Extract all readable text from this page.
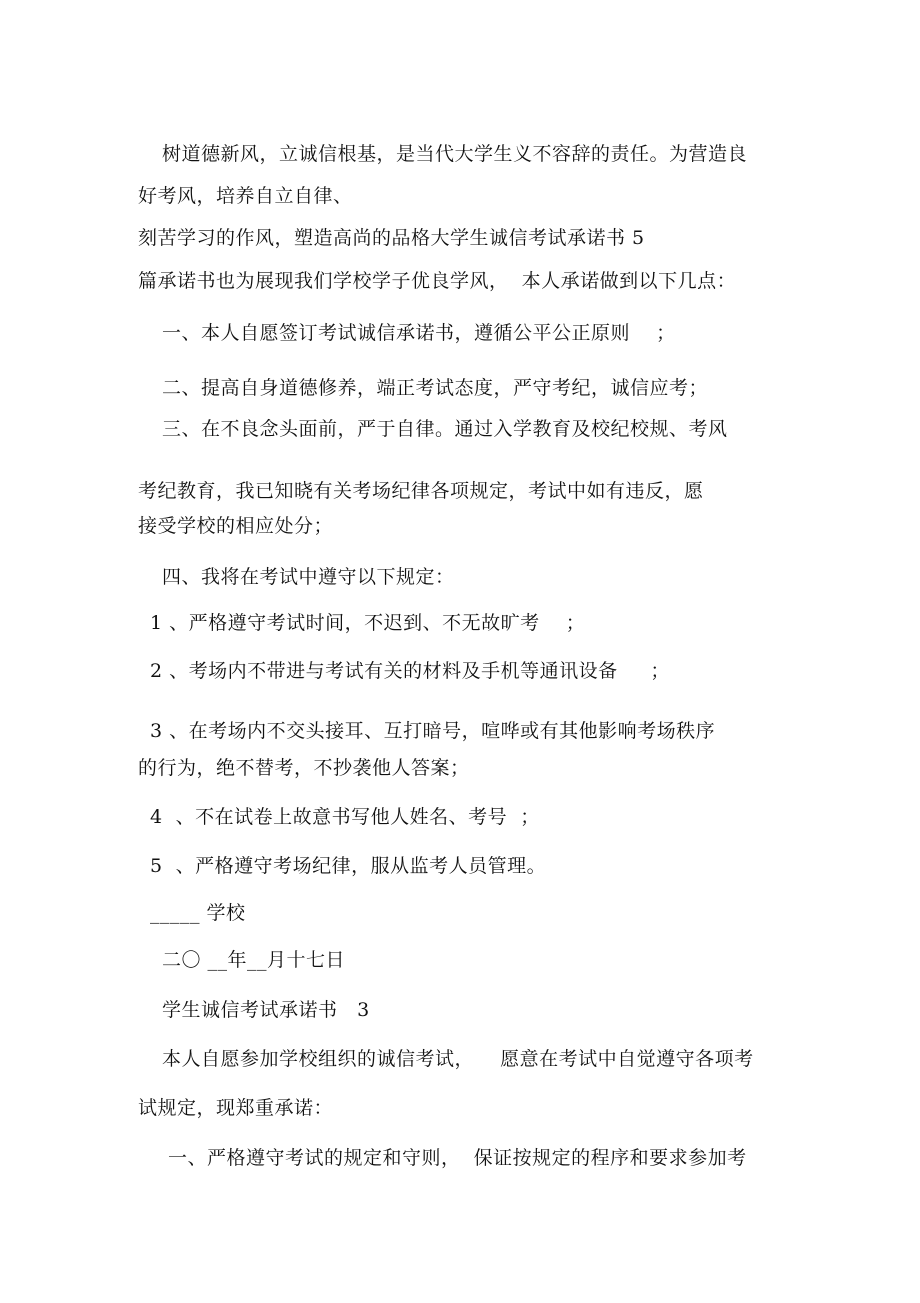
树道德新风，立诚信根基，是当代大学生义不容辞的责任。为营造良
好考风，培养自立自律、
刻苦学习的作风，塑造高尚的品格大学生诚信考试承诺书 5
篇承诺书也为展现我们学校学子优良学风，  本人承诺做到以下几点：
一、本人自愿签订考试诚信承诺书，遵循公平公正原则    ；
二、提高自身道德修养，端正考试态度，严守考纪，诚信应考；
三、在不良念头面前，严于自律。通过入学教育及校纪校规、考风
考纪教育，我已知晓有关考场纪律各项规定，考试中如有违反，愿
接受学校的相应处分；
四、我将在考试中遵守以下规定：
1 、严格遵守考试时间，不迟到、不无故旷考    ；
2 、考场内不带进与考试有关的材料及手机等通讯设备     ；
3 、在考场内不交头接耳、互打暗号，喧哗或有其他影响考场秩序
的行为，绝不替考，不抄袭他人答案；
4  、不在试卷上故意书写他人姓名、考号  ；
5  、严格遵守考场纪律，服从监考人员管理。
_____ 学校
二〇 __年__月十七日
学生诚信考试承诺书   3
本人自愿参加学校组织的诚信考试，    愿意在考试中自觉遵守各项考
试规定，现郑重承诺：
一、严格遵守考试的规定和守则，  保证按规定的程序和要求参加考
